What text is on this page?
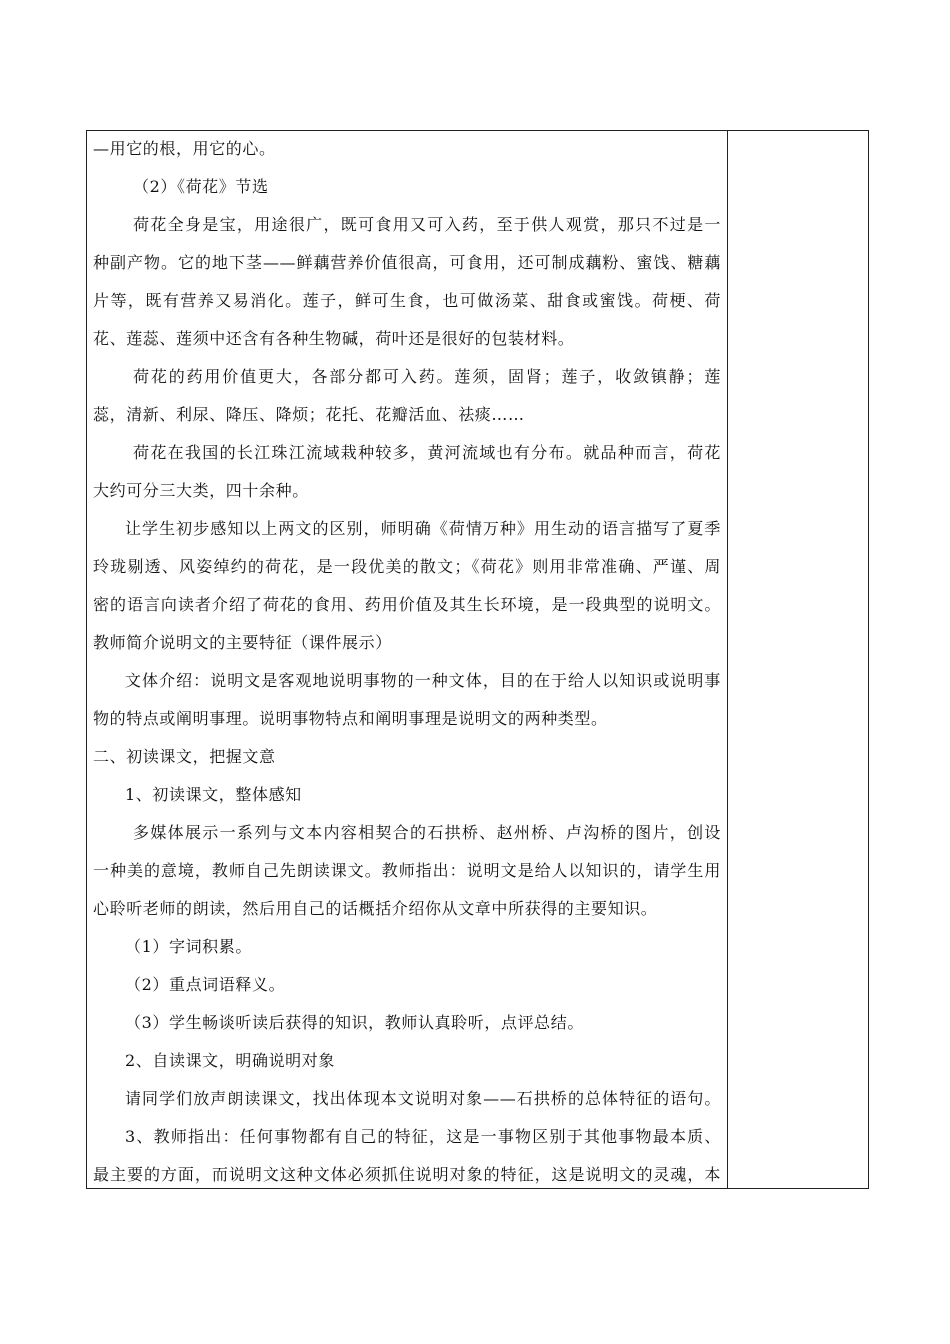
—用它的根，用它的心。
（2）《荷花》节选
荷花全身是宝，用途很广，既可食用又可入药，至于供人观赏，那只不过是一
种副产物。它的地下茎——鲜藕营养价值很高，可食用，还可制成藕粉、蜜饯、糖藕
片等，既有营养又易消化。莲子，鲜可生食，也可做汤菜、甜食或蜜饯。荷梗、荷
花、莲蕊、莲须中还含有各种生物碱，荷叶还是很好的包装材料。
荷花的药用价值更大，各部分都可入药。莲须，固肾；莲子，收敛镇静；莲
蕊，清新、利尿、降压、降烦；花托、花瓣活血、祛痰……
荷花在我国的长江珠江流域栽种较多，黄河流域也有分布。就品种而言，荷花
大约可分三大类，四十余种。
让学生初步感知以上两文的区别，师明确《荷情万种》用生动的语言描写了夏季
玲珑剔透、风姿绰约的荷花，是一段优美的散文；《荷花》则用非常准确、严谨、周
密的语言向读者介绍了荷花的食用、药用价值及其生长环境，是一段典型的说明文。
教师简介说明文的主要特征（课件展示）
文体介绍：说明文是客观地说明事物的一种文体，目的在于给人以知识或说明事
物的特点或阐明事理。说明事物特点和阐明事理是说明文的两种类型。
二、初读课文，把握文意
1、初读课文，整体感知
多媒体展示一系列与文本内容相契合的石拱桥、赵州桥、卢沟桥的图片，创设
一种美的意境，教师自己先朗读课文。教师指出：说明文是给人以知识的，请学生用
心聆听老师的朗读，然后用自己的话概括介绍你从文章中所获得的主要知识。
（1）字词积累。
（2）重点词语释义。
（3）学生畅谈听读后获得的知识，教师认真聆听，点评总结。
2、自读课文，明确说明对象
请同学们放声朗读课文，找出体现本文说明对象——石拱桥的总体特征的语句。
3、教师指出：任何事物都有自己的特征，这是一事物区别于其他事物最本质、
最主要的方面，而说明文这种文体必须抓住说明对象的特征，这是说明文的灵魂，本
